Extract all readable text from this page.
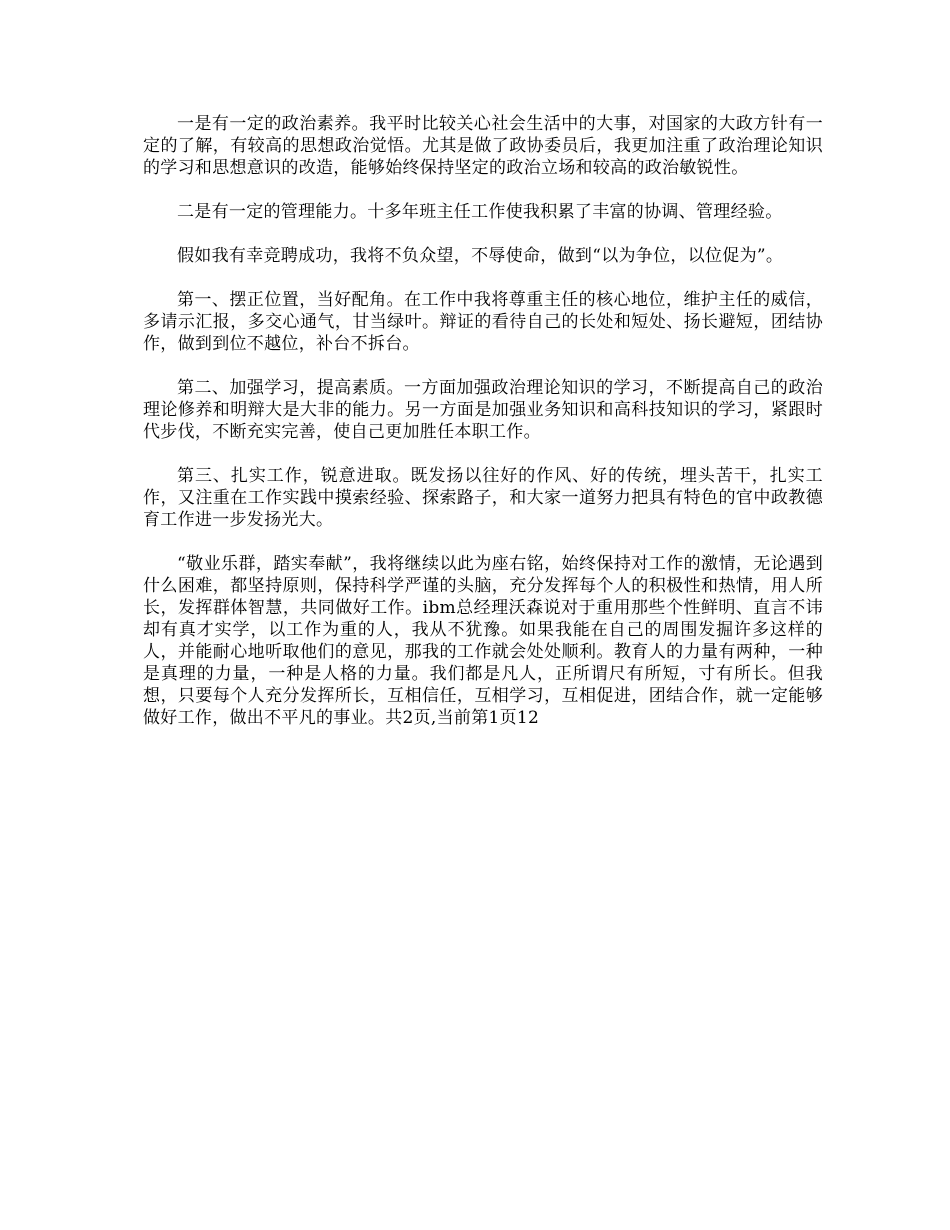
一是有一定的政治素养。我平时比较关心社会生活中的大事，对国家的大政方针有一定的了解，有较高的思想政治觉悟。尤其是做了政协委员后，我更加注重了政治理论知识的学习和思想意识的改造，能够始终保持坚定的政治立场和较高的政治敏锐性。

二是有一定的管理能力。十多年班主任工作使我积累了丰富的协调、管理经验。

假如我有幸竞聘成功，我将不负众望，不辱使命，做到“以为争位，以位促为”。

第一、摆正位置，当好配角。在工作中我将尊重主任的核心地位，维护主任的威信，多请示汇报，多交心通气，甘当绿叶。辩证的看待自己的长处和短处、扬长避短，团结协作，做到到位不越位，补台不拆台。

第二、加强学习，提高素质。一方面加强政治理论知识的学习，不断提高自己的政治理论修养和明辩大是大非的能力。另一方面是加强业务知识和高科技知识的学习，紧跟时代步伐，不断充实完善，使自己更加胜任本职工作。

第三、扎实工作，锐意进取。既发扬以往好的作风、好的传统，埋头苦干，扎实工作，又注重在工作实践中摸索经验、探索路子，和大家一道努力把具有特色的官中政教德育工作进一步发扬光大。

“敬业乐群，踏实奉献”，我将继续以此为座右铭，始终保持对工作的激情，无论遇到什么困难，都坚持原则，保持科学严谨的头脑，充分发挥每个人的积极性和热情，用人所长，发挥群体智慧，共同做好工作。ibm总经理沃森说对于重用那些个性鲜明、直言不讳却有真才实学，以工作为重的人，我从不犹豫。如果我能在自己的周围发掘许多这样的人，并能耐心地听取他们的意见，那我的工作就会处处顺利。教育人的力量有两种，一种是真理的力量，一种是人格的力量。我们都是凡人，正所谓尺有所短，寸有所长。但我想，只要每个人充分发挥所长，互相信任，互相学习，互相促进，团结合作，就一定能够做好工作，做出不平凡的事业。共2页,当前第1页12
